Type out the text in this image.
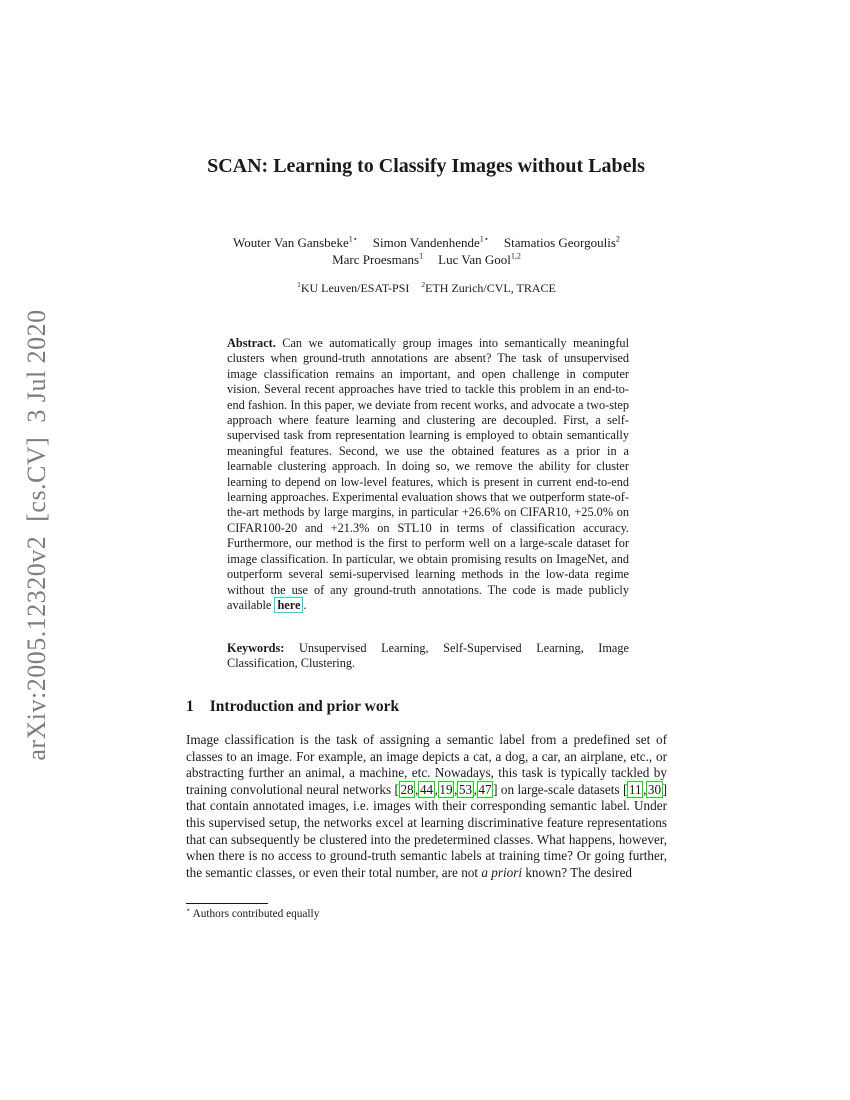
arXiv:2005.12320v2  [cs.CV]  3 Jul 2020
SCAN: Learning to Classify Images without Labels
Wouter Van Gansbeke$^{1⋆}$ Simon Vandenhende$^{1⋆}$ Stamatios Georgoulis$^2$
Marc Proesmans$^1$ Luc Van Gool$^{1,2}$
$^1$KU Leuven/ESAT-PSI $^2$ETH Zurich/CVL, TRACE
Abstract. Can we automatically group images into semantically meaningful clusters when ground-truth annotations are absent? The task of unsupervised image classification remains an important, and open challenge in computer vision. Several recent approaches have tried to tackle this problem in an end-to-end fashion. In this paper, we deviate from recent works, and advocate a two-step approach where feature learning and clustering are decoupled. First, a self-supervised task from representation learning is employed to obtain semantically meaningful features. Second, we use the obtained features as a prior in a learnable clustering approach. In doing so, we remove the ability for cluster learning to depend on low-level features, which is present in current end-to-end learning approaches. Experimental evaluation shows that we outperform state-of-the-art methods by large margins, in particular +26.6% on CIFAR10, +25.0% on CIFAR100-20 and +21.3% on STL10 in terms of classification accuracy. Furthermore, our method is the first to perform well on a large-scale dataset for image classification. In particular, we obtain promising results on ImageNet, and outperform several semi-supervised learning methods in the low-data regime without the use of any ground-truth annotations. The code is made publicly available here .
Keywords: Unsupervised Learning, Self-Supervised Learning, Image Classification, Clustering.
1 Introduction and prior work
Image classification is the task of assigning a semantic label from a predefined set of classes to an image. For example, an image depicts a cat, a dog, a car, an airplane, etc., or abstracting further an animal, a machine, etc. Nowadays, this task is typically tackled by training convolutional neural networks [ 28 , 44 , 19 , 53 , 47 ] on large-scale datasets [ 11 , 30 ] that contain annotated images, i.e. images with their corresponding semantic label. Under this supervised setup, the networks excel at learning discriminative feature representations that can subsequently be clustered into the predetermined classes. What happens, however, when there is no access to ground-truth semantic labels at training time? Or going further, the semantic classes, or even their total number, are not a priori known? The desired
⋆ Authors contributed equally
